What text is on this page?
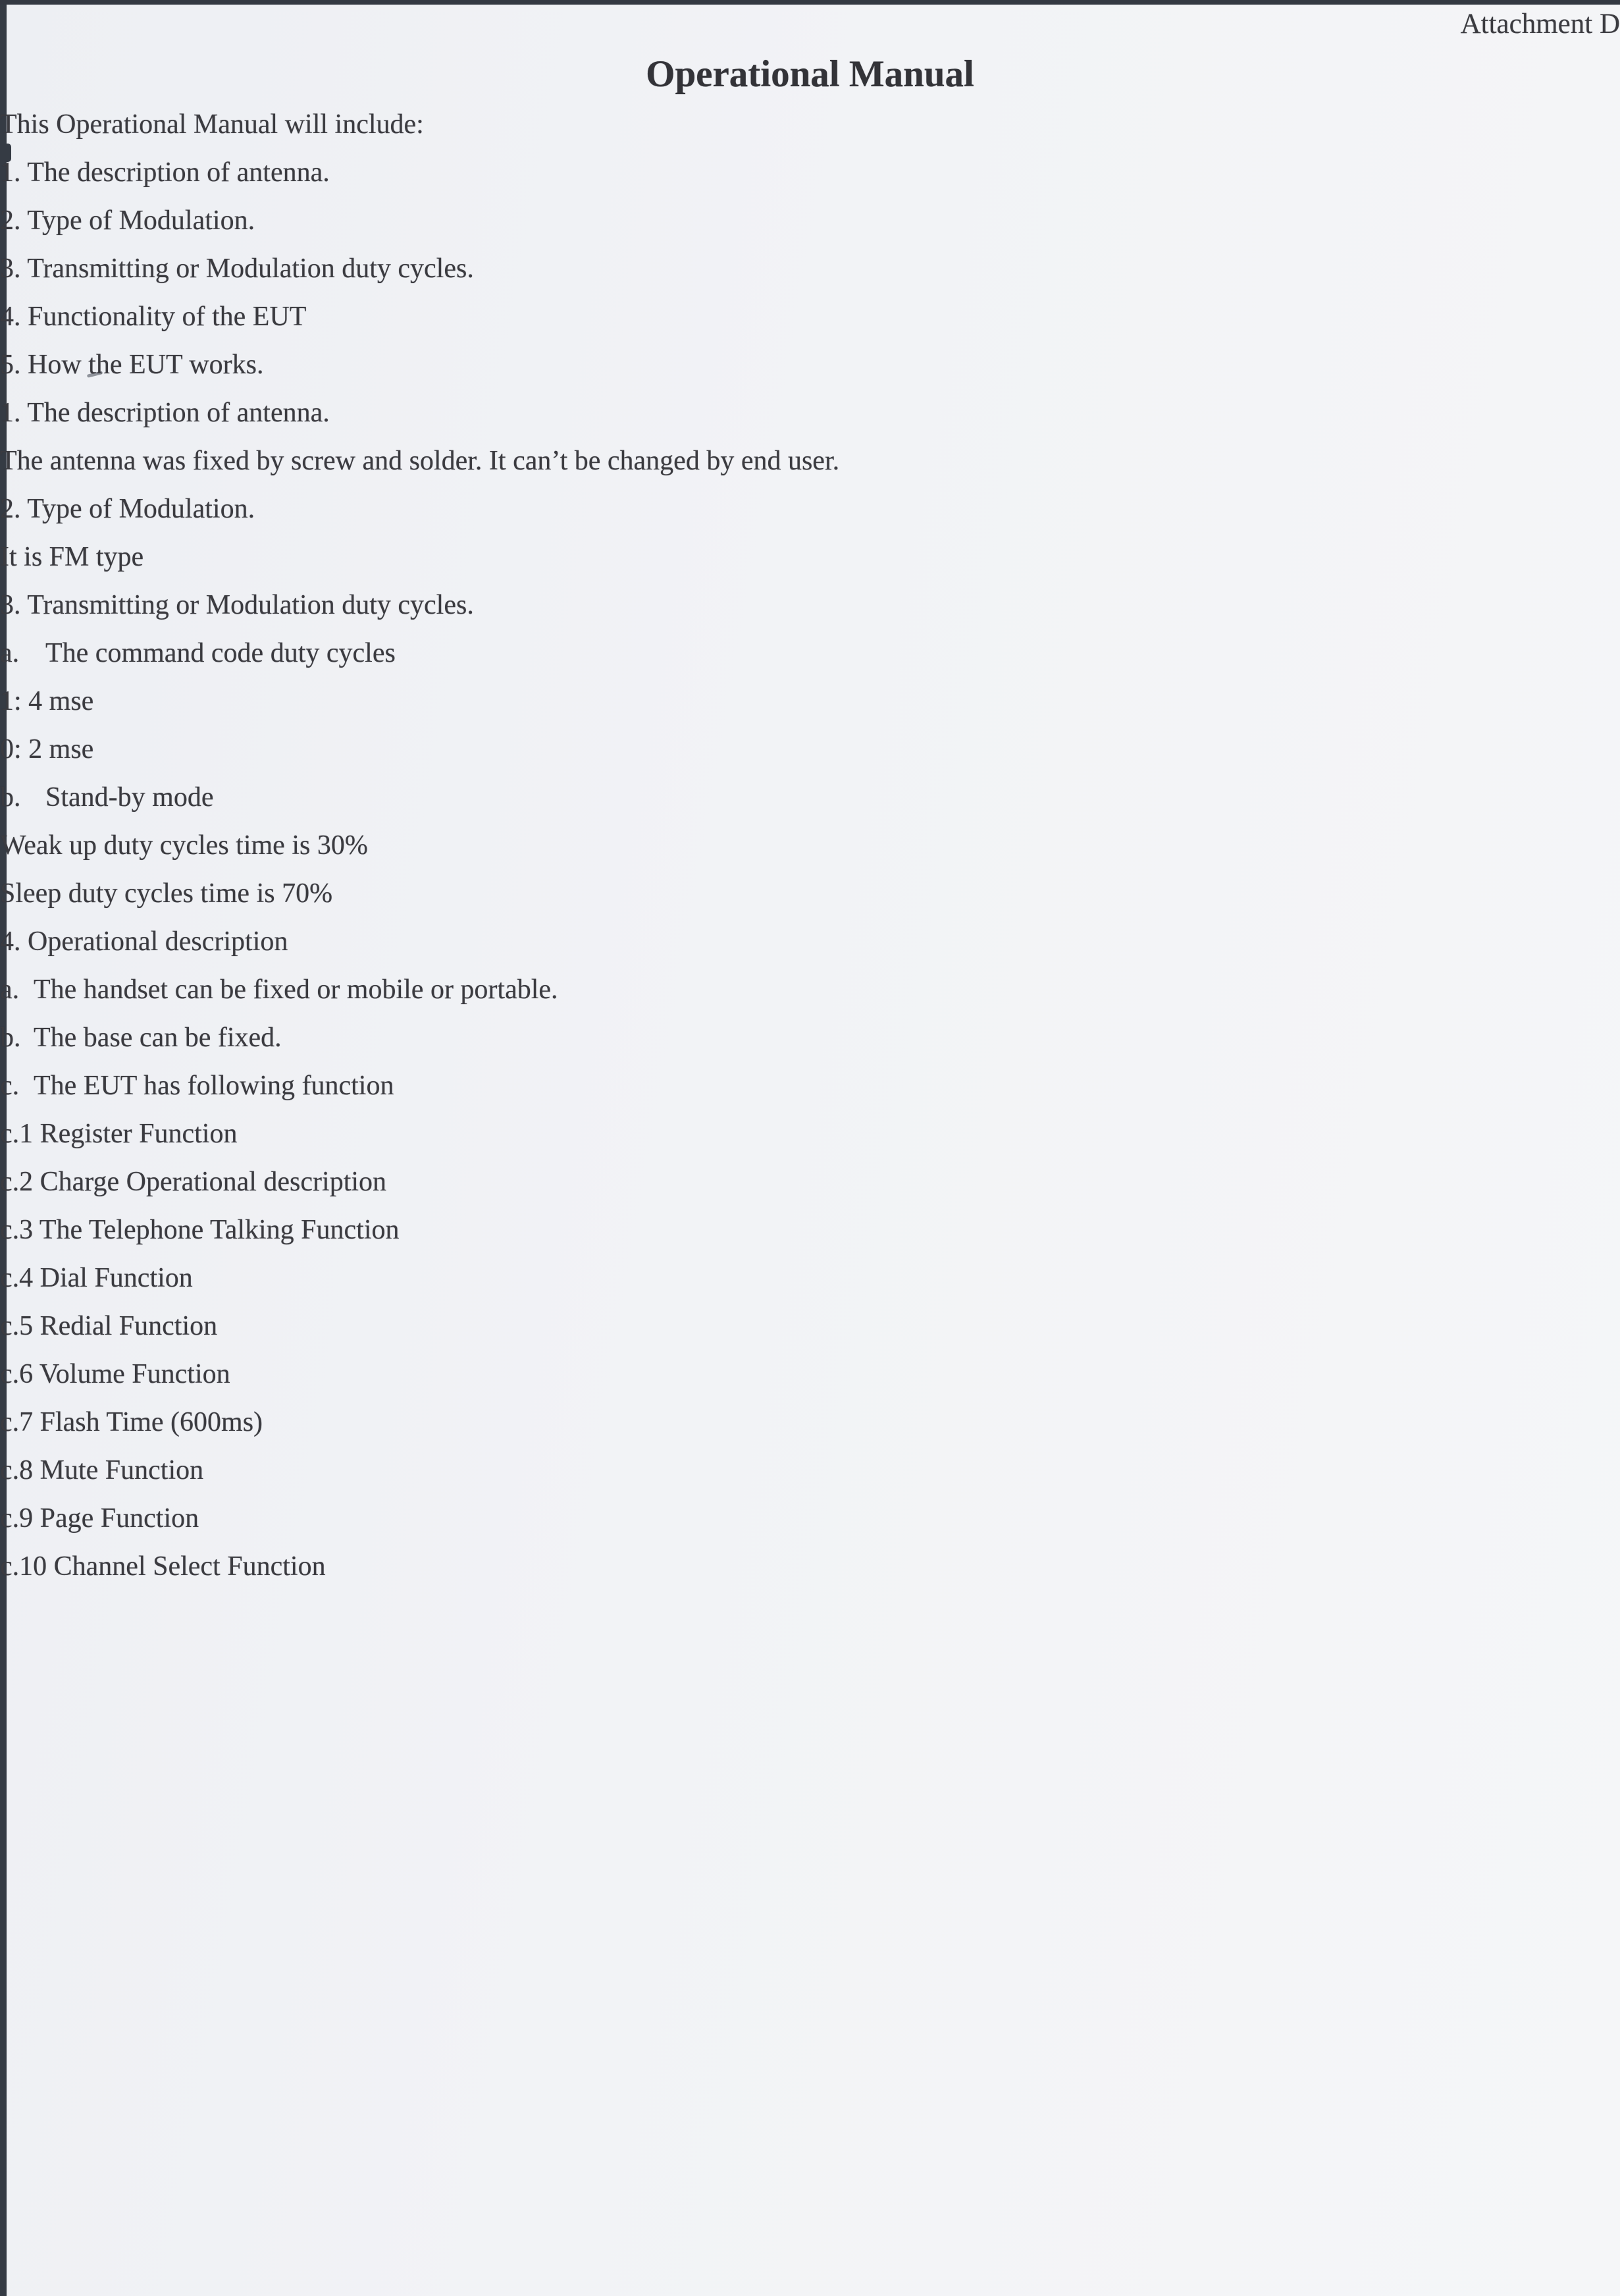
Attachment D

Operational Manual

This Operational Manual will include:

1. The description of antenna.

2. Type of Modulation.

3. Transmitting or Modulation duty cycles.

4. Functionality of the EUT

5. How the EUT works.

1. The description of antenna.

The antenna was fixed by screw and solder. It can’t be changed by end user.

2. Type of Modulation.

It is FM type

3. Transmitting or Modulation duty cycles.

a. The command code duty cycles

1: 4 mse

0: 2 mse

b. Stand-by mode

Weak up duty cycles time is 30%

Sleep duty cycles time is 70%

4. Operational description

a. The handset can be fixed or mobile or portable.

b. The base can be fixed.

c. The EUT has following function

c.1 Register Function

c.2 Charge Operational description

c.3 The Telephone Talking Function

c.4 Dial Function

c.5 Redial Function

c.6 Volume Function

c.7 Flash Time (600ms)

c.8 Mute Function

c.9 Page Function

c.10 Channel Select Function
